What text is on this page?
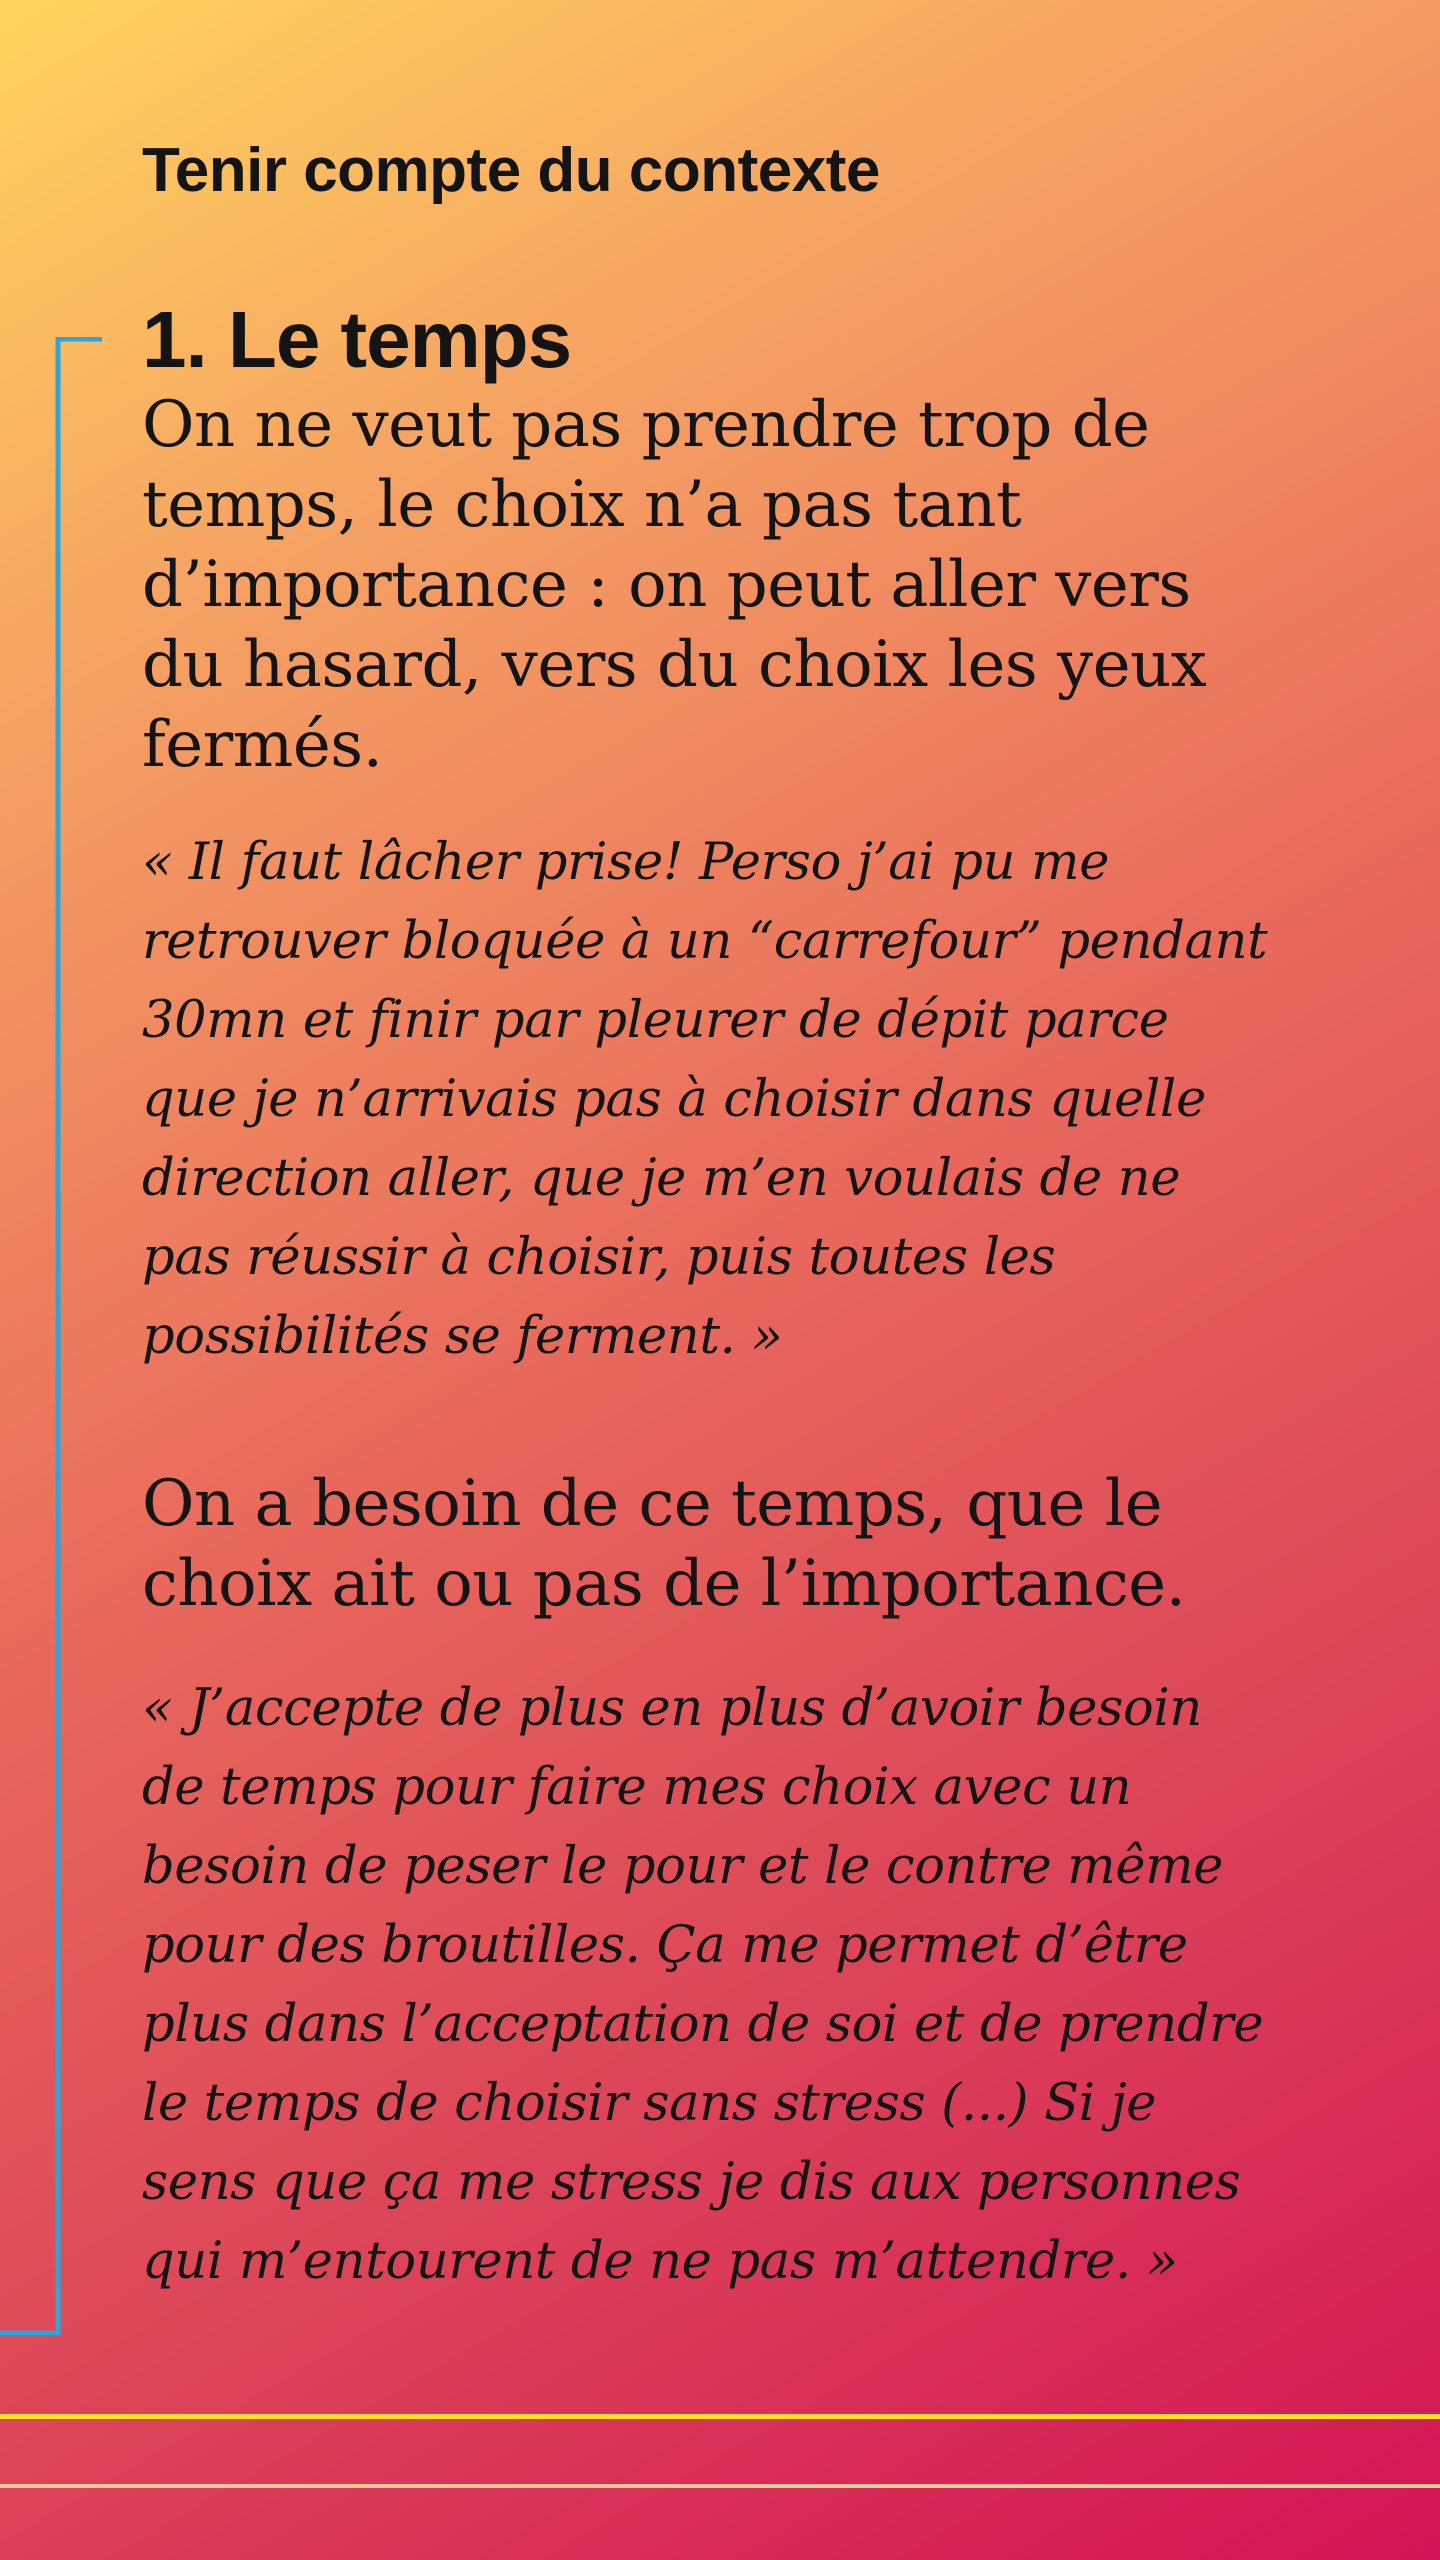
Tenir compte du contexte
1. Le temps

On ne veut pas prendre trop de temps, le choix n’a pas tant d’importance : on peut aller vers du hasard, vers du choix les yeux fermés.

« Il faut lâcher prise! Perso j’ai pu me retrouver bloquée à un “carrefour” pendant 30mn et finir par pleurer de dépit parce que je n’arrivais pas à choisir dans quelle direction aller, que je m’en voulais de ne pas réussir à choisir, puis toutes les possibilités se ferment. »

On a besoin de ce temps, que le choix ait ou pas de l’importance.

« J’accepte de plus en plus d’avoir besoin de temps pour faire mes choix avec un besoin de peser le pour et le contre même pour des broutilles. Ça me permet d’être plus dans l’acceptation de soi et de prendre le temps de choisir sans stress (...) Si je sens que ça me stress je dis aux personnes qui m’entourent de ne pas m’attendre. »
